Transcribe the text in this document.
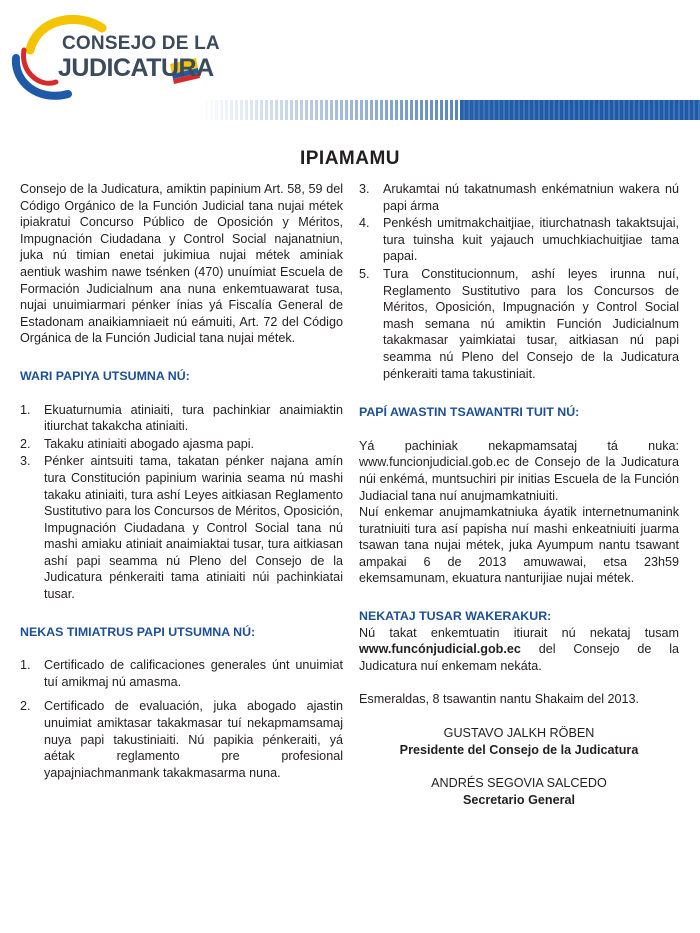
CONSEJO DE LA
JUDICATURA
IPIAMAMU

Consejo de la Judicatura, amiktin papinium Art. 58, 59 del Código Orgánico de la Función Judicial tana nujai métek ipiakratui Concurso Público de Oposición y Méritos, Impugnación Ciudadana y Control Social najanatniun, juka nú timian enetai jukimiua nujai métek aminiak aentiuk washim nawe tsénken (470) unuímiat Escuela de Formación Judicialnum ana nuna enkemtuawarat tusa, nujai unuimiarmari pénker ínias yá Fiscalía General de Estadonam anaikiamniaeit nú eámuiti, Art. 72 del Código Orgánica de la Función Judicial tana nujai métek.

WARI PAPIYA UTSUMNA NÚ:
1. Ekuaturnumia atiniaiti, tura pachinkiar anaimiaktin itiurchat takakcha atiniaiti.
2. Takaku atiniaiti abogado ajasma papi.
3. Pénker aintsuiti tama, takatan pénker najana amín tura Constitución papinium warinia seama nú mashi takaku atiniaiti, tura ashí Leyes aitkiasan Reglamento Sustitutivo para los Concursos de Méritos, Oposición, Impugnación Ciudadana y Control Social tana nú mashi amiaku atiniait anaimiaktai tusar, tura aitkiasan ashí papi seamma nú Pleno del Consejo de la Judicatura pénkeraiti tama atiniaiti núi pachinkiatai tusar.
NEKAS TIMIATRUS PAPI UTSUMNA NÚ:
1. Certificado de calificaciones generales únt unuimiat tuí amikmaj nú amasma.
2. Certificado de evaluación, juka abogado ajastin unuimiat amiktasar takakmasar tuí nekapmamsamaj nuya papi takustiniaiti. Nú papikia pénkeraiti, yá aétak reglamento pre profesional yapajniachmanmank takakmasarma nuna.
3. Arukamtai nú takatnumash enkématniun wakera nú papi árma
4. Penkésh umitmakchaitjiae, itiurchatnash takaktsujai, tura tuinsha kuit yajauch umuchkiachuitjiae tama papai.
5. Tura Constitucionnum, ashí leyes irunna nuí, Reglamento Sustitutivo para los Concursos de Méritos, Oposición, Impugnación y Control Social mash semana nú amiktin Función Judicialnum takakmasar yaimkiatai tusar, aitkiasan nú papi seamma nú Pleno del Consejo de la Judicatura pénkeraiti tama takustiniait.
PAPÍ AWASTIN TSAWANTRI TUIT NÚ:

Yá pachiniak nekapmamsataj tá nuka: www.funcionjudicial.gob.ec de Consejo de la Judicatura núi enkémá, muntsuchiri pir initias Escuela de la Función Judiacial tana nuí anujmamkatniuiti.

Nuí enkemar anujmamkatniuka áyatik internetnumanink turatniuiti tura así papisha nuí mashi enkeatniuiti juarma tsawan tana nujai métek, juka Ayumpum nantu tsawant ampakai 6 de 2013 amuwawai, etsa 23h59 ekemsamunam, ekuatura nanturijiae nujai métek.

NEKATAJ TUSAR WAKERAKUR:

Nú takat enkemtuatin itiurait nú nekataj tusam www.funcónjudicial.gob.ec del Consejo de la Judicatura nuí enkemam nekáta.

Esmeraldas, 8 tsawantin nantu Shakaim del 2013.

GUSTAVO JALKH RÖBEN
Presidente del Consejo de la Judicatura
ANDRÉS SEGOVIA SALCEDO
Secretario General
